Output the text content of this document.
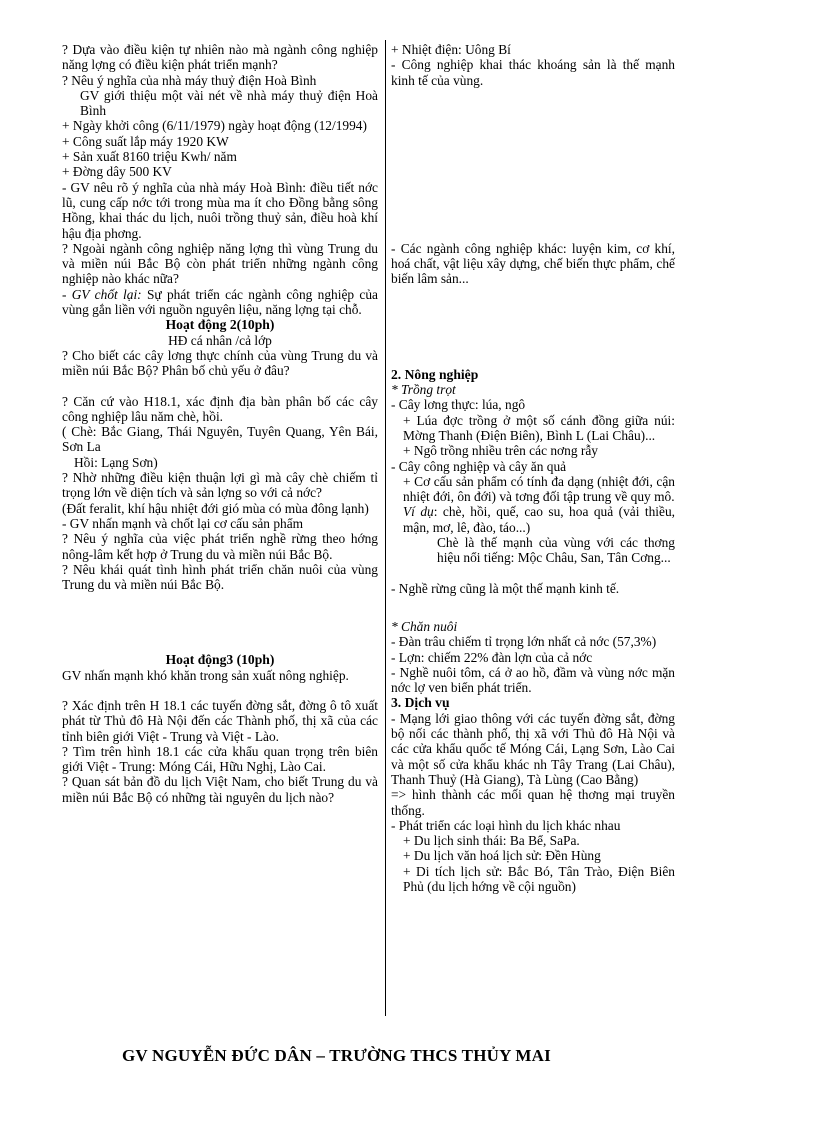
? Dựa vào điều kiện tự nhiên nào mà ngành công nghiệp năng lợng có điều kiện phát triển mạnh?

? Nêu ý nghĩa của nhà máy thuỷ điện Hoà Bình

GV giới thiệu một vài nét về nhà máy thuỷ điện Hoà Bình

+ Ngày khởi công (6/11/1979) ngày hoạt động (12/1994)

+ Công suất lắp máy 1920 KW

+ Sản xuất 8160 triệu Kwh/ năm

+ Đờng dây 500 KV

- GV nêu rõ ý nghĩa của nhà máy Hoà Bình: điều tiết nớc lũ, cung cấp nớc tới trong mùa ma ít cho Đồng bằng sông Hồng, khai thác du lịch, nuôi trồng thuỷ sản, điều hoà khí hậu địa phơng.

? Ngoài ngành công nghiệp năng lợng thì vùng Trung du và miền núi Bắc Bộ còn phát triển những ngành công nghiệp nào khác nữa?

- GV chốt lại: Sự phát triển các ngành công nghiệp của vùng gắn liền với nguồn nguyên liệu, năng lợng tại chỗ.

Hoạt động 2(10ph)

HĐ cá nhân /cả lớp

? Cho biết các cây lơng thực chính của vùng Trung du và miền núi Bắc Bộ? Phân bố chủ yếu ở đâu?

? Căn cứ vào H18.1, xác định địa bàn phân bố các cây công nghiệp lâu năm chè, hồi.

( Chè: Bắc Giang, Thái Nguyên, Tuyên Quang, Yên Bái, Sơn La

Hồi: Lạng Sơn)

? Nhờ những điều kiện thuận lợi gì mà cây chè chiếm tỉ trọng lớn về diện tích và sản lợng so với cả nớc?

(Đất feralit, khí hậu nhiệt đới gió mùa có mùa đông lạnh)

- GV nhấn mạnh và chốt lại cơ cấu sản phẩm

? Nêu ý nghĩa của việc phát triển nghề rừng theo hớng nông-lâm kết hợp ở Trung du và miền núi Bắc Bộ.

? Nêu khái quát tình hình phát triển chăn nuôi của vùng Trung du và miền núi Bắc Bộ.

Hoạt động3 (10ph)

GV nhấn mạnh khó khăn trong sản xuất nông nghiệp.

? Xác định trên H 18.1 các tuyến đờng sắt, đờng ô tô xuất phát từ Thủ đô Hà Nội đến các Thành phố, thị xã của các tỉnh biên giới Việt - Trung và Việt - Lào.

? Tìm trên hình 18.1 các cửa khẩu quan trọng trên biên giới Việt - Trung: Móng Cái, Hữu Nghị, Lào Cai.

? Quan sát bản đồ du lịch Việt Nam, cho biết Trung du và miền núi Bắc Bộ có những tài nguyên du lịch nào?

+ Nhiệt điện: Uông Bí

- Công nghiệp khai thác khoáng sản là thế mạnh kinh tế của vùng.

- Các ngành công nghiệp khác: luyện kim, cơ khí, hoá chất, vật liệu xây dựng, chế biến thực phẩm, chế biến lâm sản...

2. Nông nghiệp

* Trồng trọt

- Cây lơng thực: lúa, ngô

+ Lúa đợc trồng ở một số cánh đồng giữa núi: Mờng Thanh (Điện Biên), Bình L (Lai Châu)...

+ Ngô trồng nhiều trên các nơng rẫy

- Cây công nghiệp và cây ăn quả

+ Cơ cấu sản phẩm có tính đa dạng (nhiệt đới, cận nhiệt đới, ôn đới) và tơng đối tập trung về quy mô.

Ví dụ: chè, hồi, quế, cao su, hoa quả (vải thiều, mận, mơ, lê, đào, táo...)

Chè là thế mạnh của vùng với các thơng hiệu nổi tiếng: Mộc Châu, San, Tân Cơng...

- Nghề rừng cũng là một thế mạnh kinh tế.

* Chăn nuôi

- Đàn trâu chiếm tỉ trọng lớn nhất cả nớc (57,3%)

- Lợn: chiếm 22% đàn lợn của cả nớc

- Nghề nuôi tôm, cá ở ao hồ, đầm và vùng nớc mặn nớc lợ ven biển phát triển.

3. Dịch vụ

- Mạng lới giao thông với các tuyến đờng sắt, đờng bộ nối các thành phố, thị xã với Thủ đô Hà Nội và các cửa khẩu quốc tế Móng Cái, Lạng Sơn, Lào Cai và một số cửa khẩu khác nh Tây Trang (Lai Châu), Thanh Thuỷ (Hà Giang), Tà Lùng (Cao Bằng)

=> hình thành các mối quan hệ thơng mại truyền thống.

- Phát triển các loại hình du lịch khác nhau

+ Du lịch sinh thái: Ba Bể, SaPa.

+ Du lịch văn hoá lịch sử: Đền Hùng

+ Di tích lịch sử: Bắc Bó, Tân Trào, Điện Biên Phủ (du lịch hớng về cội nguồn)

GV NGUYỄN ĐỨC DÂN – TRƯỜNG THCS THỦY MAI
